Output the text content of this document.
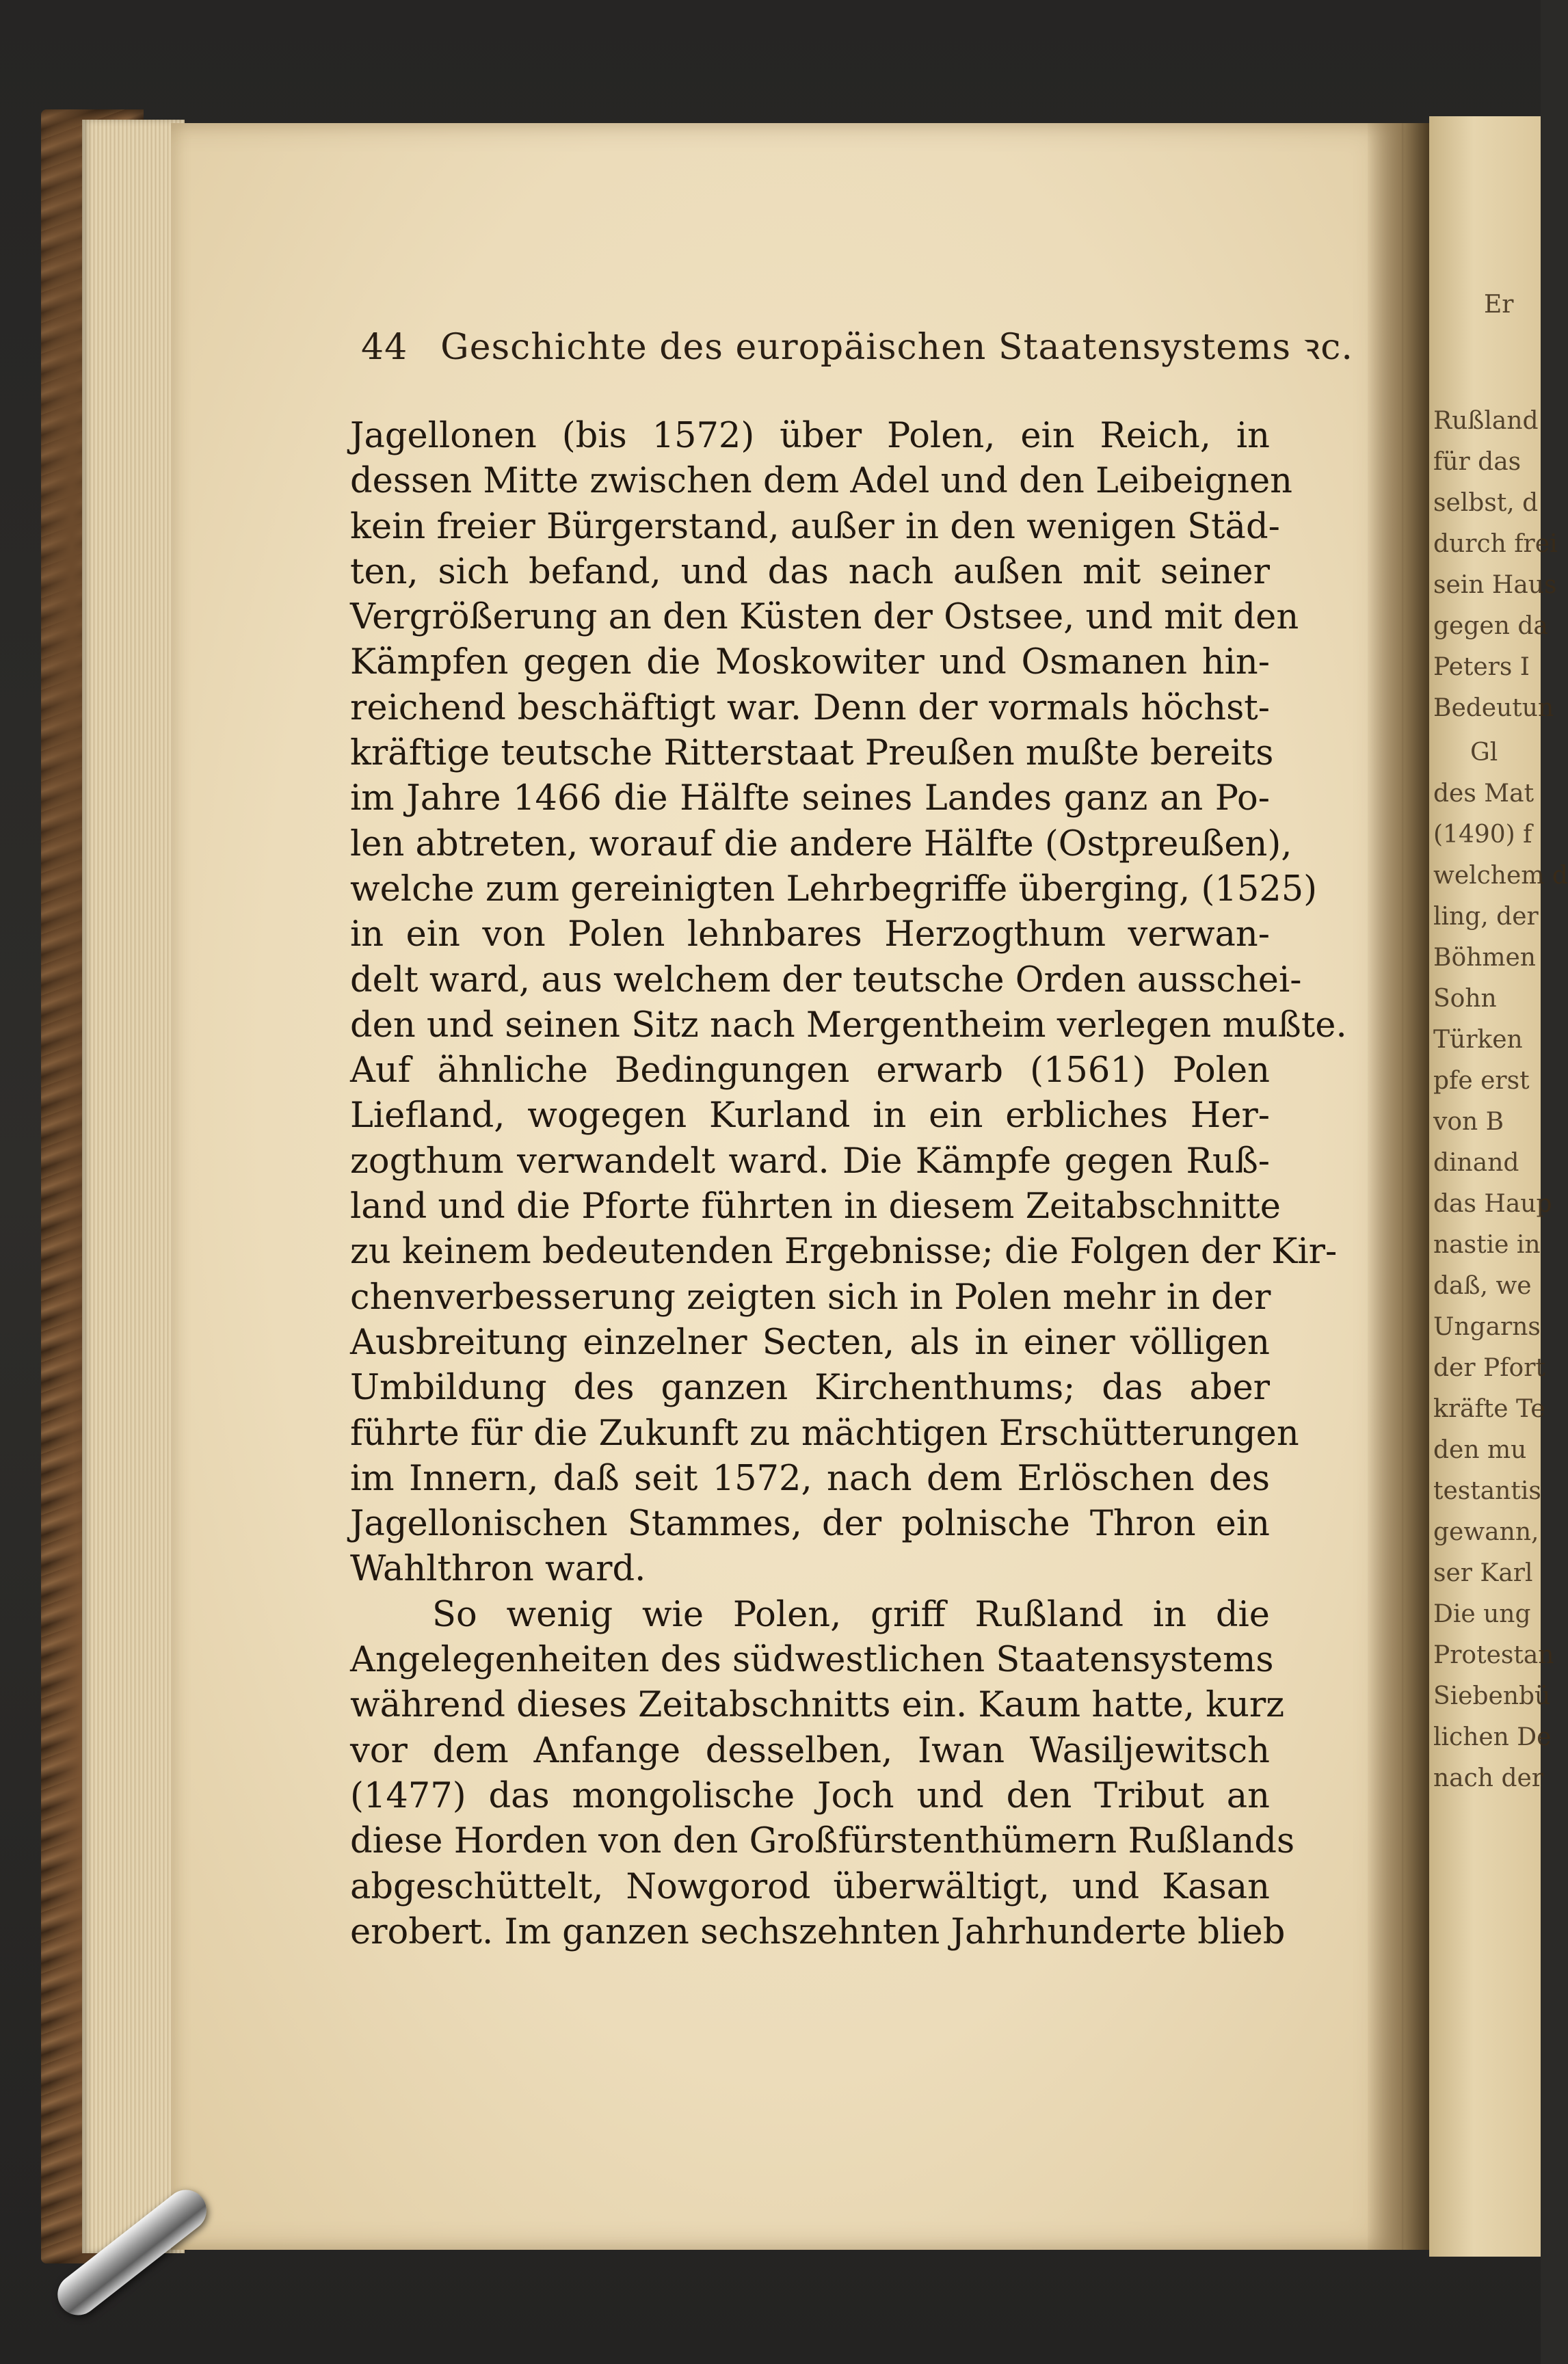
44 Geschichte des europäischen Staatensystems ꝛc.
Jagellonen (bis 1572) über Polen, ein Reich, in
dessen Mitte zwischen dem Adel und den Leibeignen
kein freier Bürgerstand, außer in den wenigen Städ-
ten, sich befand, und das nach außen mit seiner
Vergrößerung an den Küsten der Ostsee, und mit den
Kämpfen gegen die Moskowiter und Osmanen hin-
reichend beschäftigt war. Denn der vormals höchst-
kräftige teutsche Ritterstaat Preußen mußte bereits
im Jahre 1466 die Hälfte seines Landes ganz an Po-
len abtreten, worauf die andere Hälfte (Ostpreußen),
welche zum gereinigten Lehrbegriffe überging, (1525)
in ein von Polen lehnbares Herzogthum verwan-
delt ward, aus welchem der teutsche Orden ausschei-
den und seinen Sitz nach Mergentheim verlegen mußte.
Auf ähnliche Bedingungen erwarb (1561) Polen
Liefland, wogegen Kurland in ein erbliches Her-
zogthum verwandelt ward. Die Kämpfe gegen Ruß-
land und die Pforte führten in diesem Zeitabschnitte
zu keinem bedeutenden Ergebnisse; die Folgen der Kir-
chenverbesserung zeigten sich in Polen mehr in der
Ausbreitung einzelner Secten, als in einer völligen
Umbildung des ganzen Kirchenthums; das aber
führte für die Zukunft zu mächtigen Erschütterungen
im Innern, daß seit 1572, nach dem Erlöschen des
Jagellonischen Stammes, der polnische Thron ein
Wahlthron ward.
So wenig wie Polen, griff Rußland in die
Angelegenheiten des südwestlichen Staatensystems
während dieses Zeitabschnitts ein. Kaum hatte, kurz
vor dem Anfange desselben, Iwan Wasiljewitsch
(1477) das mongolische Joch und den Tribut an
diese Horden von den Großfürstenthümern Rußlands
abgeschüttelt, Nowgorod überwältigt, und Kasan
erobert. Im ganzen sechszehnten Jahrhunderte blieb
Er
Rußland
für das
selbst, d
durch frei
sein Haus
gegen da
Peters I
Bedeutun
Gl
des Mat
(1490) f
welchem d
ling, der
Böhmen
Sohn
Türken
pfe erst
von B
dinand
das Haup
nastie in
daß, we
Ungarns
der Pfort
kräfte Te
den mu
testantis
gewann,
ser Karl
Die ung
Protestan
Siebenbü
lichen De
nach der
